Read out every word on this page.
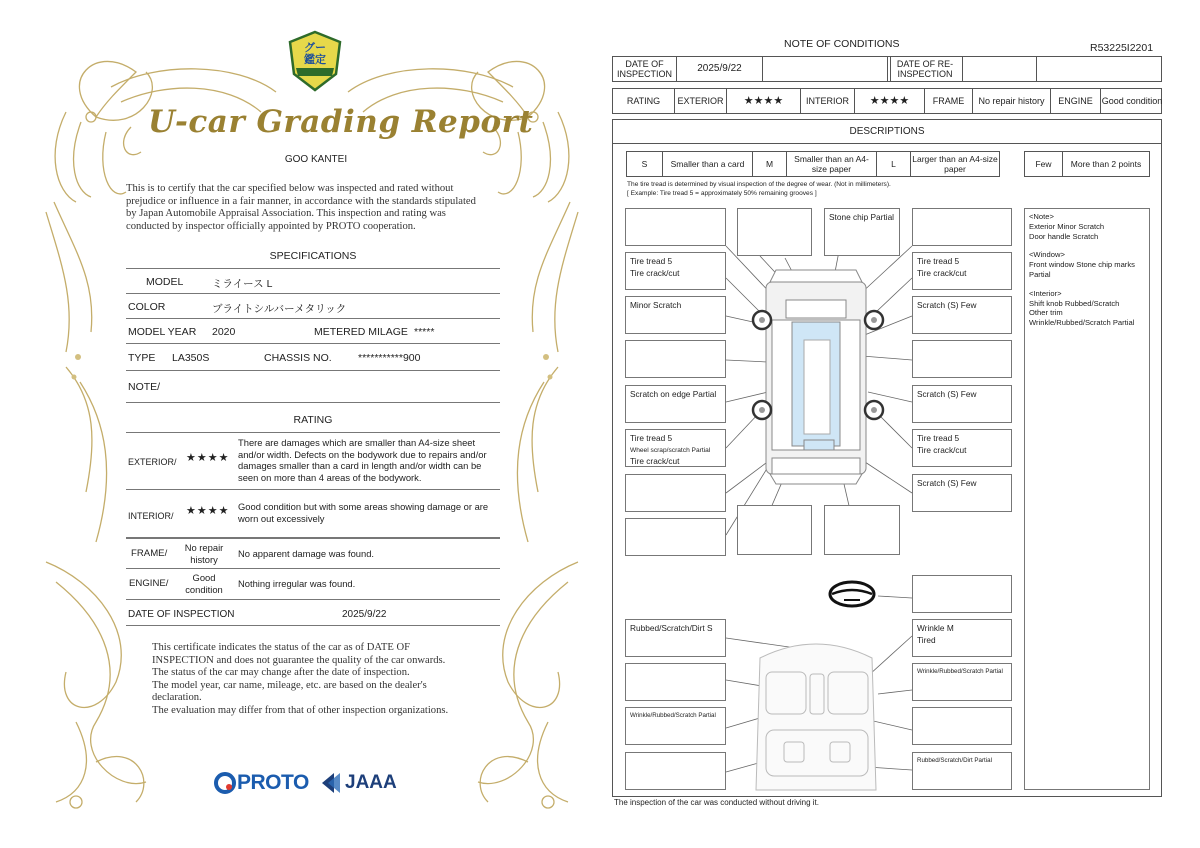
グー
鑑定
U-car Grading Report
GOO KANTEI
This is to certify that the car specified below was inspected and rated without prejudice or influence in a fair manner, in accordance with the standards stipulated by Japan Automobile Appraisal Association. This inspection and rating was conducted by inspector officially appointed by PROTO cooperation.
SPECIFICATIONS
MODEL	ミライース L
COLOR	ブライトシルバーメタリック
MODEL YEAR 2020	METERED MILAGE *****
TYPE LA350S	CHASSIS NO.	***********900
NOTE/
RATING
EXTERIOR/ ★★★★
There are damages which are smaller than A4-size sheet and/or width. Defects on the bodywork due to repairs and/or damages smaller than a card in length and/or width can be seen on more than 4 areas of the bodywork.
INTERIOR/ ★★★★ Good condition but with some areas showing damage or are worn out excessively
FRAME/
No repair history
No apparent damage was found.
ENGINE/
Good condition
Nothing irregular was found.
DATE OF INSPECTION	2025/9/22
This certificate indicates the status of the car as of DATE OF INSPECTION and does not guarantee the quality of the car onwards.
The status of the car may change after the date of inspection.
The model year, car name, mileage, etc. are based on the dealer's declaration.
The evaluation may differ from that of other inspection organizations.
PROTO JAAA
NOTE OF CONDITIONS	R53225I2201
DATE OF INSPECTION	2025/9/22	DATE OF RE-INSPECTION
RATING	EXTERIOR	★★★★	INTERIOR	★★★★	FRAME	No repair history	ENGINE Good condition
DESCRIPTIONS
S	Smaller than a card	M	Smaller than an A4-size paper	L	Larger than an A4-size paper	Few	More than 2 points
The tire tread is determined by visual inspection of the degree of wear. (Not in millimeters).
[ Example: Tire tread 5 = approximately 50% remaining grooves ]
Stone chip Partial
Tire tread 5
Tire crack/cut
Tire tread 5
Tire crack/cut
Minor Scratch	Scratch (S) Few
Scratch on edge Partial	Scratch (S) Few
Tire tread 5
Wheel scrap/scratch Partial
Tire crack/cut
Tire tread 5
Tire crack/cut
Scratch (S) Few
Rubbed/Scratch/Dirt S	Wrinkle M
Tired
Wrinkle/Rubbed/Scratch Partial
Wrinkle/Rubbed/Scratch Partial
Rubbed/Scratch/Dirt Partial
<Note>
Exterior Minor Scratch
Door handle Scratch
<Window>
Front window Stone chip marks Partial
<Interior>
Shift knob Rubbed/Scratch
Other trim
Wrinkle/Rubbed/Scratch Partial
The inspection of the car was conducted without driving it.
